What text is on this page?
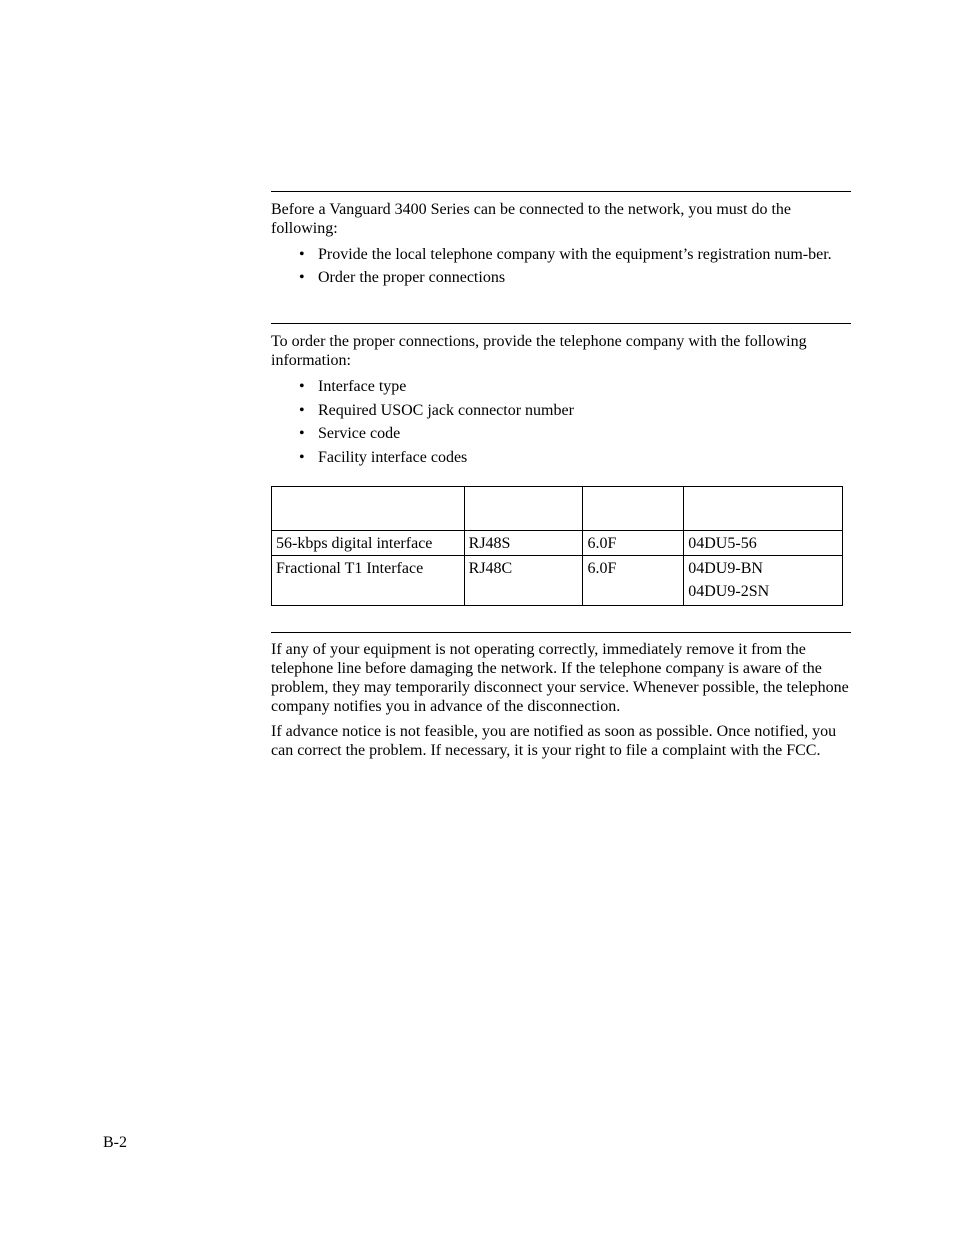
Before a Vanguard 3400 Series can be connected to the network, you must do the following:

• Provide the local telephone company with the equipment’s registration num-ber.
• Order the proper connections

To order the proper connections, provide the telephone company with the following information:

• Interface type
• Required USOC jack connector number
• Service code
• Facility interface codes

56-kbps digital interface	RJ48S	6.0F	04DU5-56
Fractional T1 Interface	RJ48C	6.0F	04DU9-BN
04DU9-2SN

If any of your equipment is not operating correctly, immediately remove it from the telephone line before damaging the network. If the telephone company is aware of the problem, they may temporarily disconnect your service. Whenever possible, the telephone company notifies you in advance of the disconnection.

If advance notice is not feasible, you are notified as soon as possible. Once notified, you can correct the problem. If necessary, it is your right to file a complaint with the FCC.

B-2
